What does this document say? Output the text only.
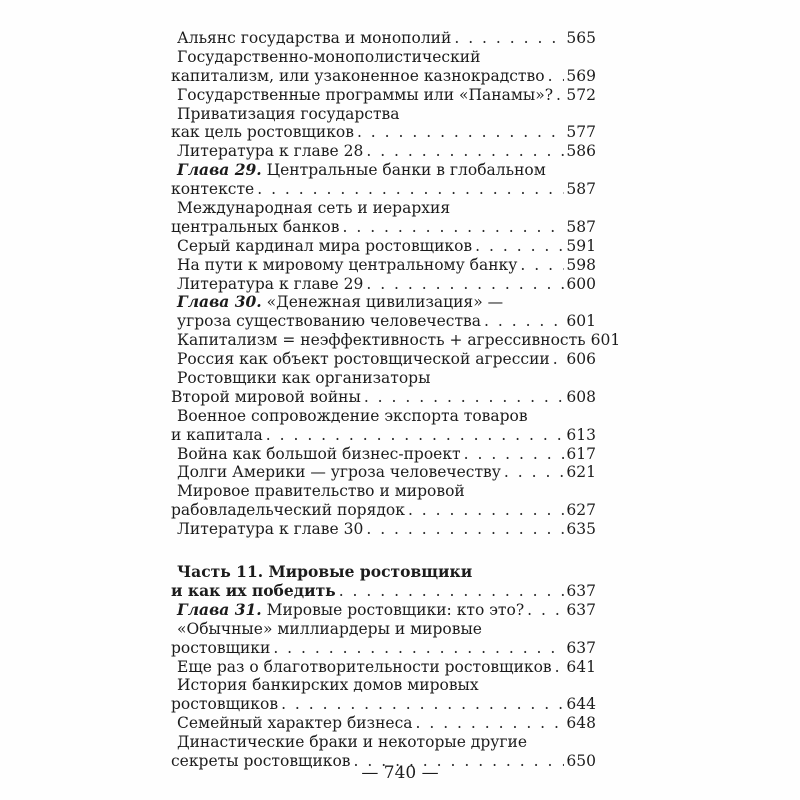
Альянс государства и монополий . . .	565
Государственно-монополистический
капитализм, или узаконенное казнокрадство . . . 569
Государственные программы или «Панамы»? . . . 572
Приватизация государства
как цель ростовщиков . . .	577
Литература к главе 28 . . .	586
Глава 29. Центральные банки в глобальном
контексте . . .	587
Международная сеть и иерархия
центральных банков . . .	587
Серый кардинал мира ростовщиков . . .	591
На пути к мировому центральному банку . . .	598
Литература к главе 29 . . .	600
Глава 30. «Денежная цивилизация» —
угроза существованию человечества . . .	601
Капитализм = неэффективность + агрессивность 601
Россия как объект ростовщической агрессии . . . 606
Ростовщики как организаторы
Второй мировой войны . . .	608
Военное сопровождение экспорта товаров
и капитала . . .	613
Война как большой бизнес-проект . . .	617
Долги Америки — угроза человечеству . . .	621
Мировое правительство и мировой
рабовладельческий порядок . . .	627
Литература к главе 30 . . .	635
Часть 11. Мировые ростовщики
и как их победить . . .	637
Глава 31. Мировые ростовщики: кто это? . . .	637
«Обычные» миллиардеры и мировые
ростовщики . . .	637
Еще раз о благотворительности ростовщиков . . . 641
История банкирских домов мировых
ростовщиков . . .	644
Семейный характер бизнеса . . .	648
Династические браки и некоторые другие
секреты ростовщиков . . .	650
— 740 —
